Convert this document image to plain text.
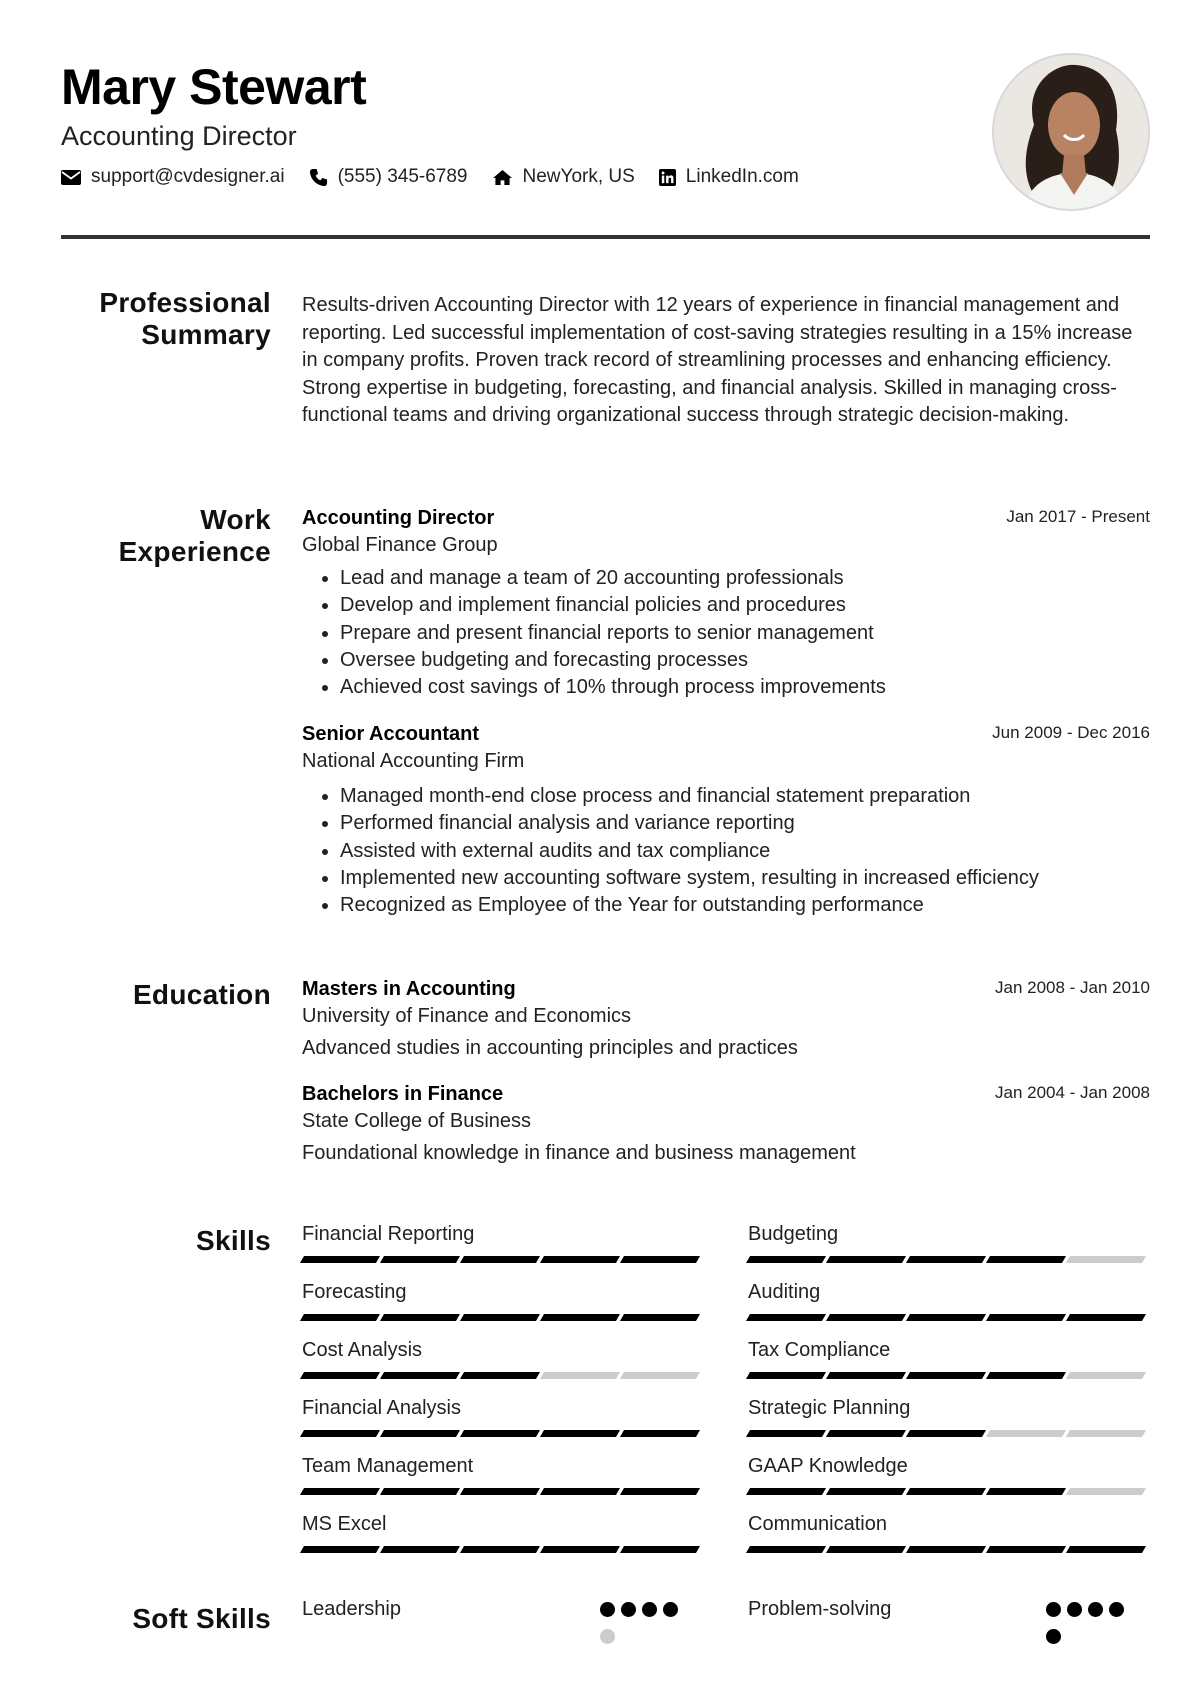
Mary Stewart
Accounting Director
support@cvdesigner.ai	(555) 345-6789	NewYork, US	LinkedIn.com
Professional Summary
Results-driven Accounting Director with 12 years of experience in financial management and reporting. Led successful implementation of cost-saving strategies resulting in a 15% increase in company profits. Proven track record of streamlining processes and enhancing efficiency. Strong expertise in budgeting, forecasting, and financial analysis. Skilled in managing cross-functional teams and driving organizational success through strategic decision-making.
Work Experience
Accounting Director	Jan 2017 - Present
Global Finance Group
• Lead and manage a team of 20 accounting professionals
• Develop and implement financial policies and procedures
• Prepare and present financial reports to senior management
• Oversee budgeting and forecasting processes
• Achieved cost savings of 10% through process improvements
Senior Accountant	Jun 2009 - Dec 2016
National Accounting Firm
• Managed month-end close process and financial statement preparation
• Performed financial analysis and variance reporting
• Assisted with external audits and tax compliance
• Implemented new accounting software system, resulting in increased efficiency
• Recognized as Employee of the Year for outstanding performance
Education Masters in Accounting	Jan 2008 - Jan 2010
University of Finance and Economics
Advanced studies in accounting principles and practices
Bachelors in Finance	Jan 2004 - Jan 2008
State College of Business
Foundational knowledge in finance and business management
Skills Financial Reporting	Budgeting
Forecasting	Auditing
Cost Analysis	Tax Compliance
Financial Analysis	Strategic Planning
Team Management	GAAP Knowledge
MS Excel	Communication
Soft Skills Leadership	Problem-solving
